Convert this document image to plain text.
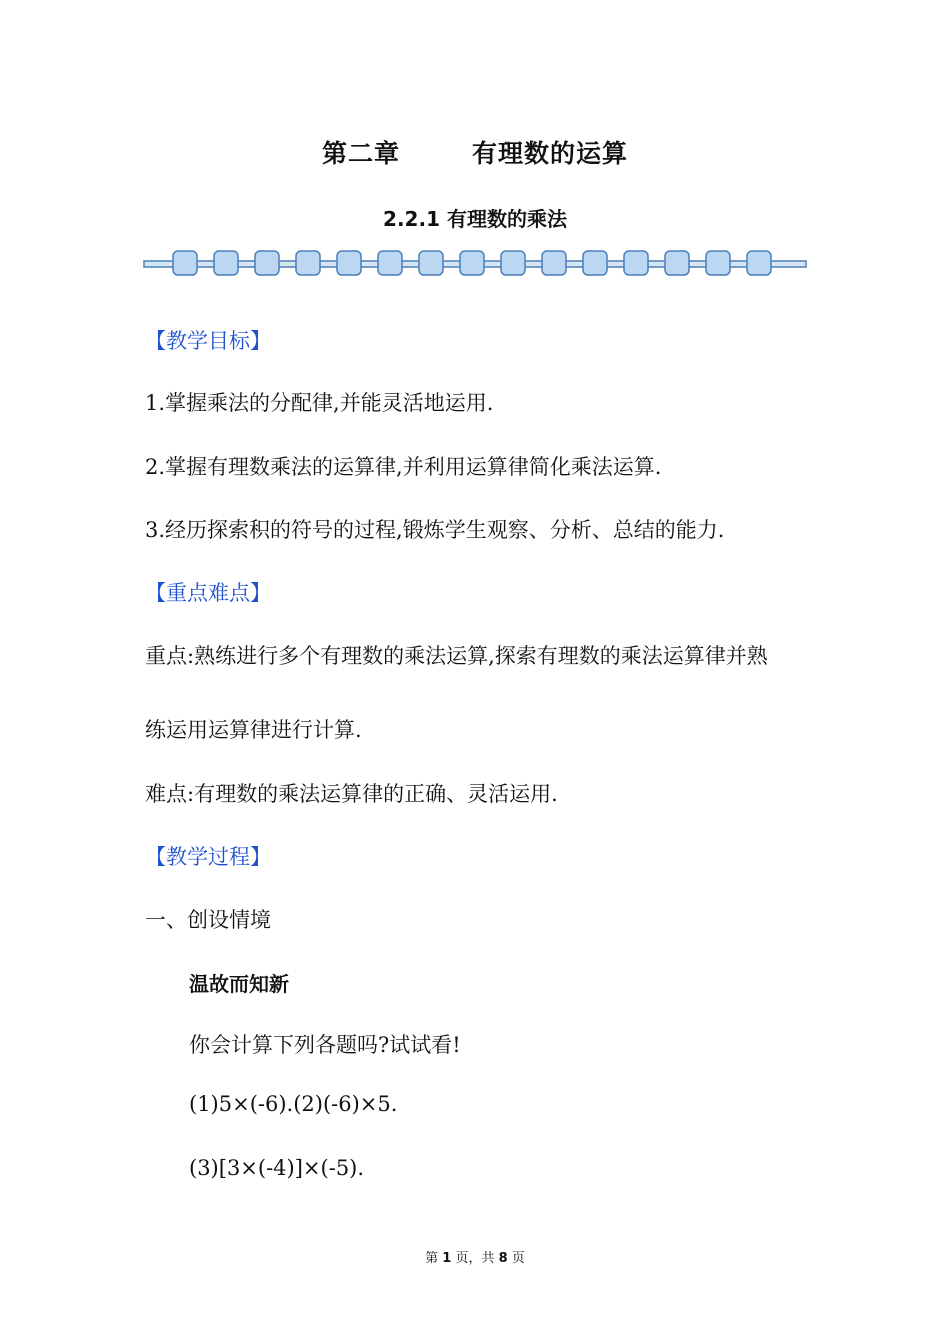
第二章	有理数的运算
2.2.1 有理数的乘法
【教学目标】
1.掌握乘法的分配律,并能灵活地运用.
2.掌握有理数乘法的运算律,并利用运算律简化乘法运算.
3.经历探索积的符号的过程,锻炼学生观察、分析、总结的能力.
【重点难点】
重点:熟练进行多个有理数的乘法运算,探索有理数的乘法运算律并熟
练运用运算律进行计算.
难点:有理数的乘法运算律的正确、灵活运用.
【教学过程】
一、创设情境
温故而知新
你会计算下列各题吗?试试看!
(1)5×(-6).(2)(-6)×5.
(3)[3×(-4)]×(-5).
第 1 页，共 8 页
